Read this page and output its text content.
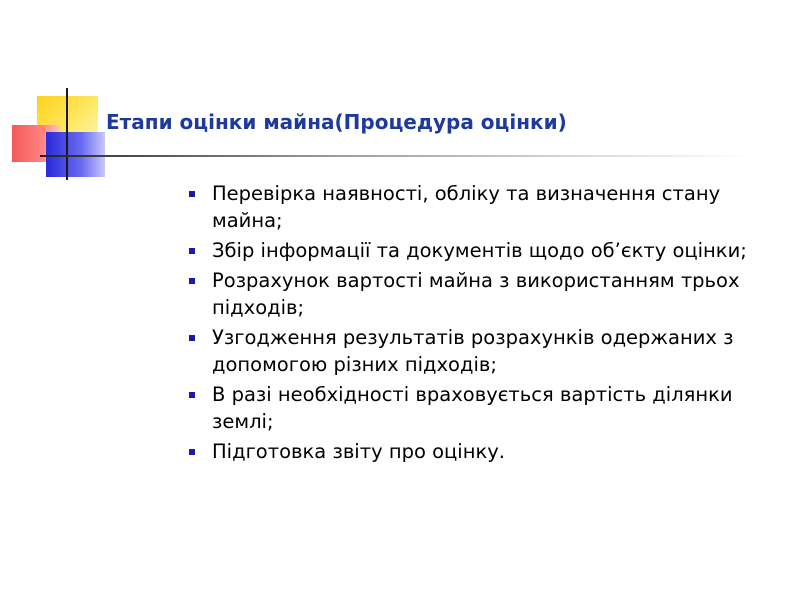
Етапи оцінки майна(Процедура оцінки)
Перевірка наявності, обліку та визначення стану майна;
Збір інформації та документів щодо об’єкту оцінки;
Розрахунок вартості майна з використанням трьох підходів;
Узгодження результатів розрахунків одержаних з допомогою різних підходів;
В разі необхідності враховується вартість ділянки землі;
Підготовка звіту про оцінку.
